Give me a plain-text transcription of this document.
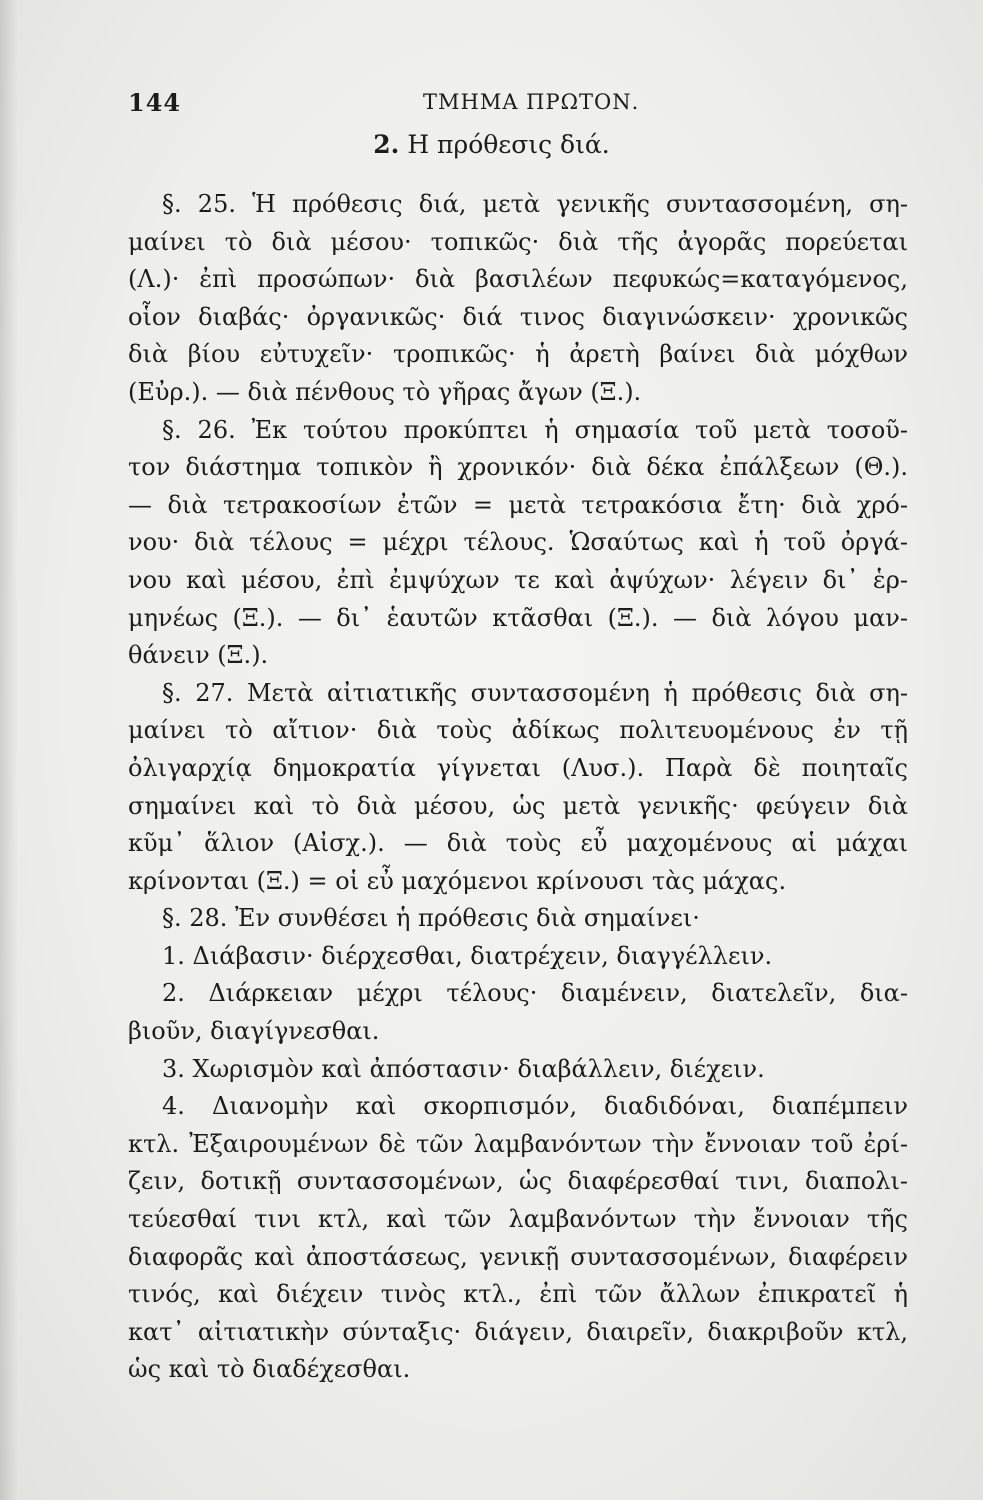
144	ΤΜΗΜΑ ΠΡΩΤΟΝ.
2. Η πρόθεσις διά.
§. 25. Ἡ πρόθεσις διά, μετὰ γενικῆς συντασσομένη, ση-
μαίνει τὸ διὰ μέσου· τοπικῶς· διὰ τῆς ἀγορᾶς πορεύεται
(Λ.)· ἐπὶ προσώπων· διὰ βασιλέων πεφυκώς=καταγόμενος,
οἷον διαβάς· ὀργανικῶς· διά τινος διαγινώσκειν· χρονικῶς
διὰ βίου εὐτυχεῖν· τροπικῶς· ἡ ἀρετὴ βαίνει διὰ μόχθων
(Εὐρ.). — διὰ πένθους τὸ γῆρας ἄγων (Ξ.).
§. 26. Ἐκ τούτου προκύπτει ἡ σημασία τοῦ μετὰ τοσοῦ-
τον διάστημα τοπικὸν ἢ χρονικόν· διὰ δέκα ἐπάλξεων (Θ.).
— διὰ τετρακοσίων ἐτῶν = μετὰ τετρακόσια ἔτη· διὰ χρό-
νου· διὰ τέλους = μέχρι τέλους. Ὡσαύτως καὶ ἡ τοῦ ὀργά-
νου καὶ μέσου, ἐπὶ ἐμψύχων τε καὶ ἀψύχων· λέγειν δι᾽ ἑρ-
μηνέως (Ξ.). — δι᾽ ἑαυτῶν κτᾶσθαι (Ξ.). — διὰ λόγου μαν-
θάνειν (Ξ.).
§. 27. Μετὰ αἰτιατικῆς συντασσομένη ἡ πρόθεσις διὰ ση-
μαίνει τὸ αἴτιον· διὰ τοὺς ἀδίκως πολιτευομένους ἐν τῇ
ὀλιγαρχίᾳ δημοκρατία γίγνεται (Λυσ.). Παρὰ δὲ ποιηταῖς
σημαίνει καὶ τὸ διὰ μέσου, ὡς μετὰ γενικῆς· φεύγειν διὰ
κῦμ᾽ ἅλιον (Αἰσχ.). — διὰ τοὺς εὖ μαχομένους αἱ μάχαι
κρίνονται (Ξ.) = οἱ εὖ μαχόμενοι κρίνουσι τὰς μάχας.
§. 28. Ἐν συνθέσει ἡ πρόθεσις διὰ σημαίνει·
1. Διάβασιν· διέρχεσθαι, διατρέχειν, διαγγέλλειν.
2. Διάρκειαν μέχρι τέλους· διαμένειν, διατελεῖν, δια-
βιοῦν, διαγίγνεσθαι.
3. Χωρισμὸν καὶ ἀπόστασιν· διαβάλλειν, διέχειν.
4. Διανομὴν καὶ σκορπισμόν, διαδιδόναι, διαπέμπειν
κτλ. Ἐξαιρουμένων δὲ τῶν λαμβανόντων τὴν ἔννοιαν τοῦ ἐρί-
ζειν, δοτικῇ συντασσομένων, ὡς διαφέρεσθαί τινι, διαπολι-
τεύεσθαί τινι κτλ, καὶ τῶν λαμβανόντων τὴν ἔννοιαν τῆς
διαφορᾶς καὶ ἀποστάσεως, γενικῇ συντασσομένων, διαφέρειν
τινός, καὶ διέχειν τινὸς κτλ., ἐπὶ τῶν ἄλλων ἐπικρατεῖ ἡ
κατ᾽ αἰτιατικὴν σύνταξις· διάγειν, διαιρεῖν, διακριβοῦν κτλ,
ὡς καὶ τὸ διαδέχεσθαι.
